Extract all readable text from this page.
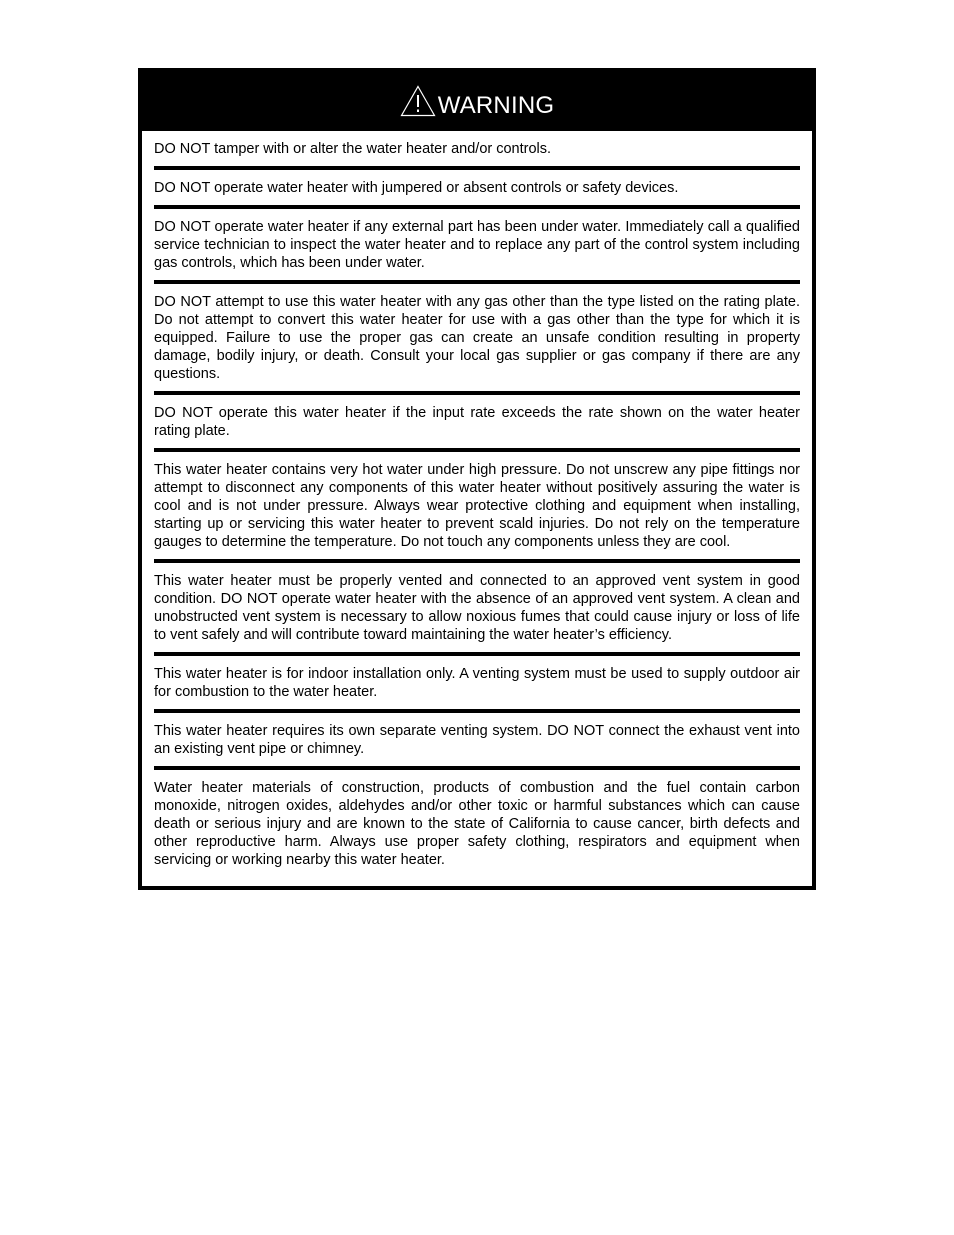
WARNING
DO NOT tamper with or alter the water heater and/or controls.
DO NOT operate water heater with jumpered or absent controls or safety devices.
DO NOT operate water heater if any external part has been under water. Immediately call a qualified service technician to inspect the water heater and to replace any part of the control system including gas controls, which has been under water.
DO NOT attempt to use this water heater with any gas other than the type listed on the rating plate. Do not attempt to convert this water heater for use with a gas other than the type for which it is equipped. Failure to use the proper gas can create an unsafe condition resulting in property damage, bodily injury, or death. Consult your local gas supplier or gas company if there are any questions.
DO NOT operate this water heater if the input rate exceeds the rate shown on the water heater rating plate.
This water heater contains very hot water under high pressure. Do not unscrew any pipe fittings nor attempt to disconnect any components of this water heater without positively assuring the water is cool and is not under pressure. Always wear protective clothing and equipment when installing, starting up or servicing this water heater to prevent scald injuries. Do not rely on the temperature gauges to determine the temperature. Do not touch any components unless they are cool.
This water heater must be properly vented and connected to an approved vent system in good condition. DO NOT operate water heater with the absence of an approved vent system. A clean and unobstructed vent system is necessary to allow noxious fumes that could cause injury or loss of life to vent safely and will contribute toward maintaining the water heater’s efficiency.
This water heater is for indoor installation only. A venting system must be used to supply outdoor air for combustion to the water heater.
This water heater requires its own separate venting system. DO NOT connect the exhaust vent into an existing vent pipe or chimney.
Water heater materials of construction, products of combustion and the fuel contain carbon monoxide, nitrogen oxides, aldehydes and/or other toxic or harmful substances which can cause death or serious injury and are known to the state of California to cause cancer, birth defects and other reproductive harm. Always use proper safety clothing, respirators and equipment when servicing or working nearby this water heater.
